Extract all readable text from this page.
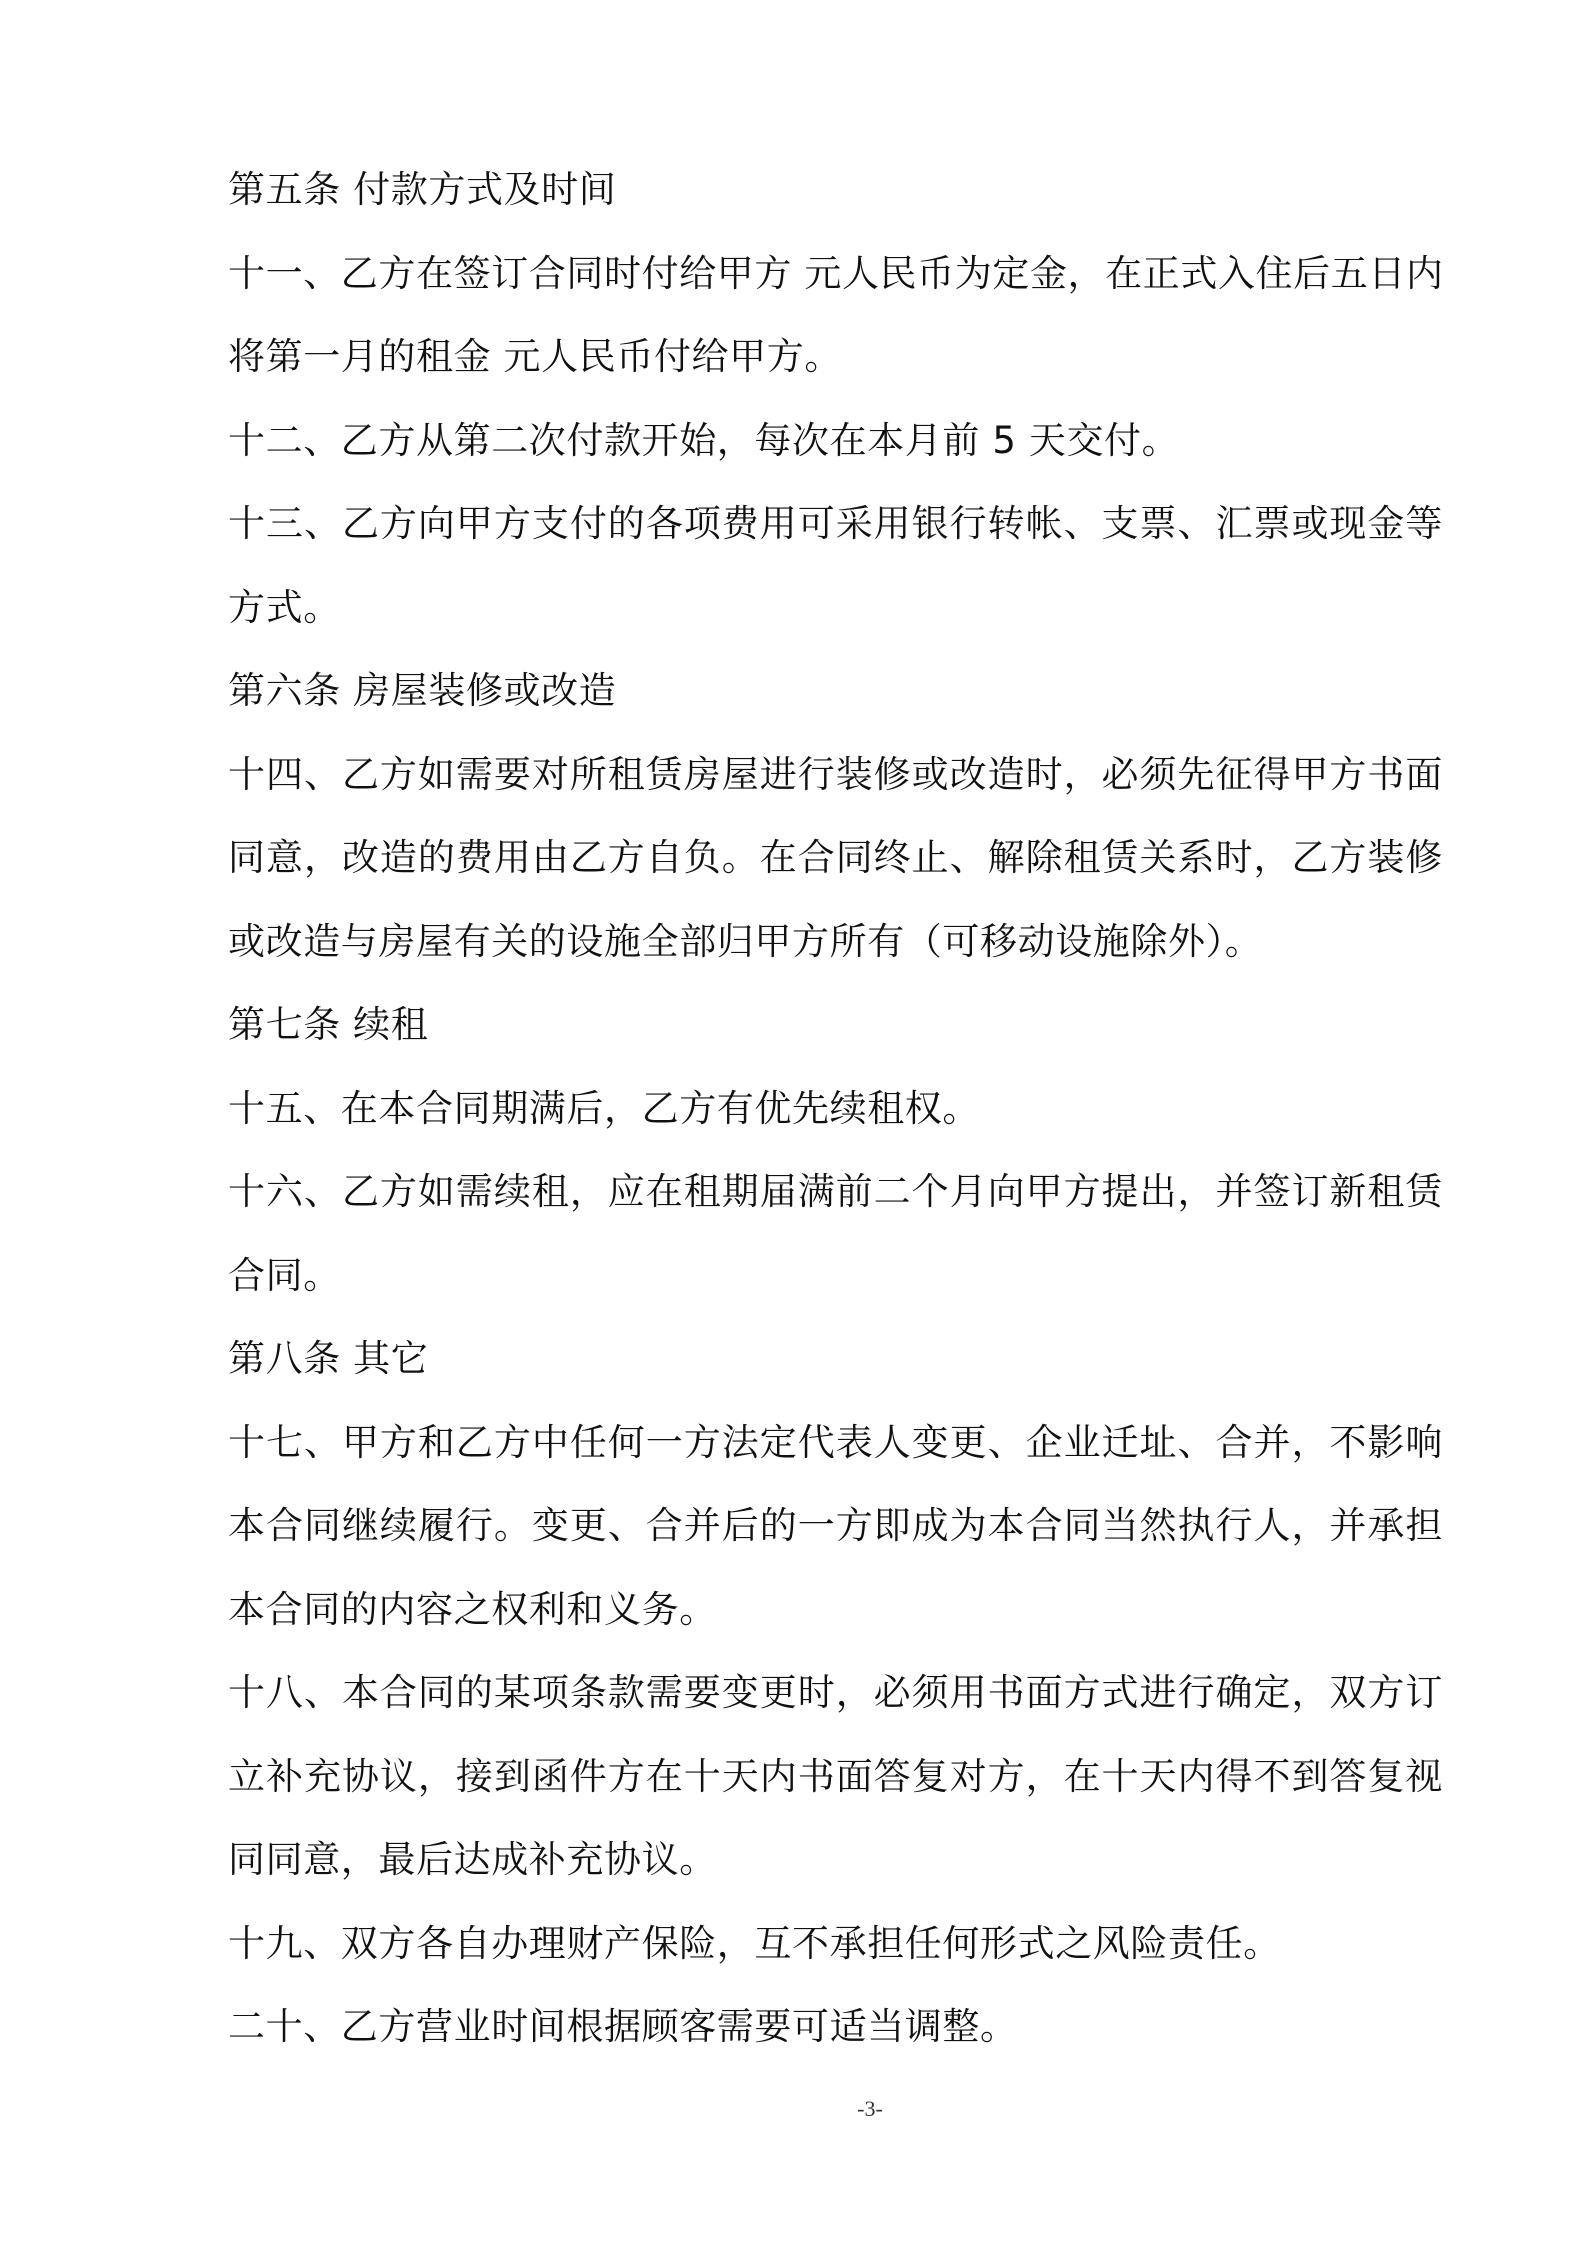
第五条 付款方式及时间
十一、乙方在签订合同时付给甲方 元人民币为定金，在正式入住后五日内
将第一月的租金 元人民币付给甲方。
十二、乙方从第二次付款开始，每次在本月前 5 天交付。
十三、乙方向甲方支付的各项费用可采用银行转帐、支票、汇票或现金等
方式。
第六条 房屋装修或改造
十四、乙方如需要对所租赁房屋进行装修或改造时，必须先征得甲方书面
同意，改造的费用由乙方自负。在合同终止、解除租赁关系时，乙方装修
或改造与房屋有关的设施全部归甲方所有（可移动设施除外）。
第七条 续租
十五、在本合同期满后，乙方有优先续租权。
十六、乙方如需续租，应在租期届满前二个月向甲方提出，并签订新租赁
合同。
第八条 其它
十七、甲方和乙方中任何一方法定代表人变更、企业迁址、合并，不影响
本合同继续履行。变更、合并后的一方即成为本合同当然执行人，并承担
本合同的内容之权利和义务。
十八、本合同的某项条款需要变更时，必须用书面方式进行确定，双方订
立补充协议，接到函件方在十天内书面答复对方，在十天内得不到答复视
同同意，最后达成补充协议。
十九、双方各自办理财产保险，互不承担任何形式之风险责任。
二十、乙方营业时间根据顾客需要可适当调整。
-3-
